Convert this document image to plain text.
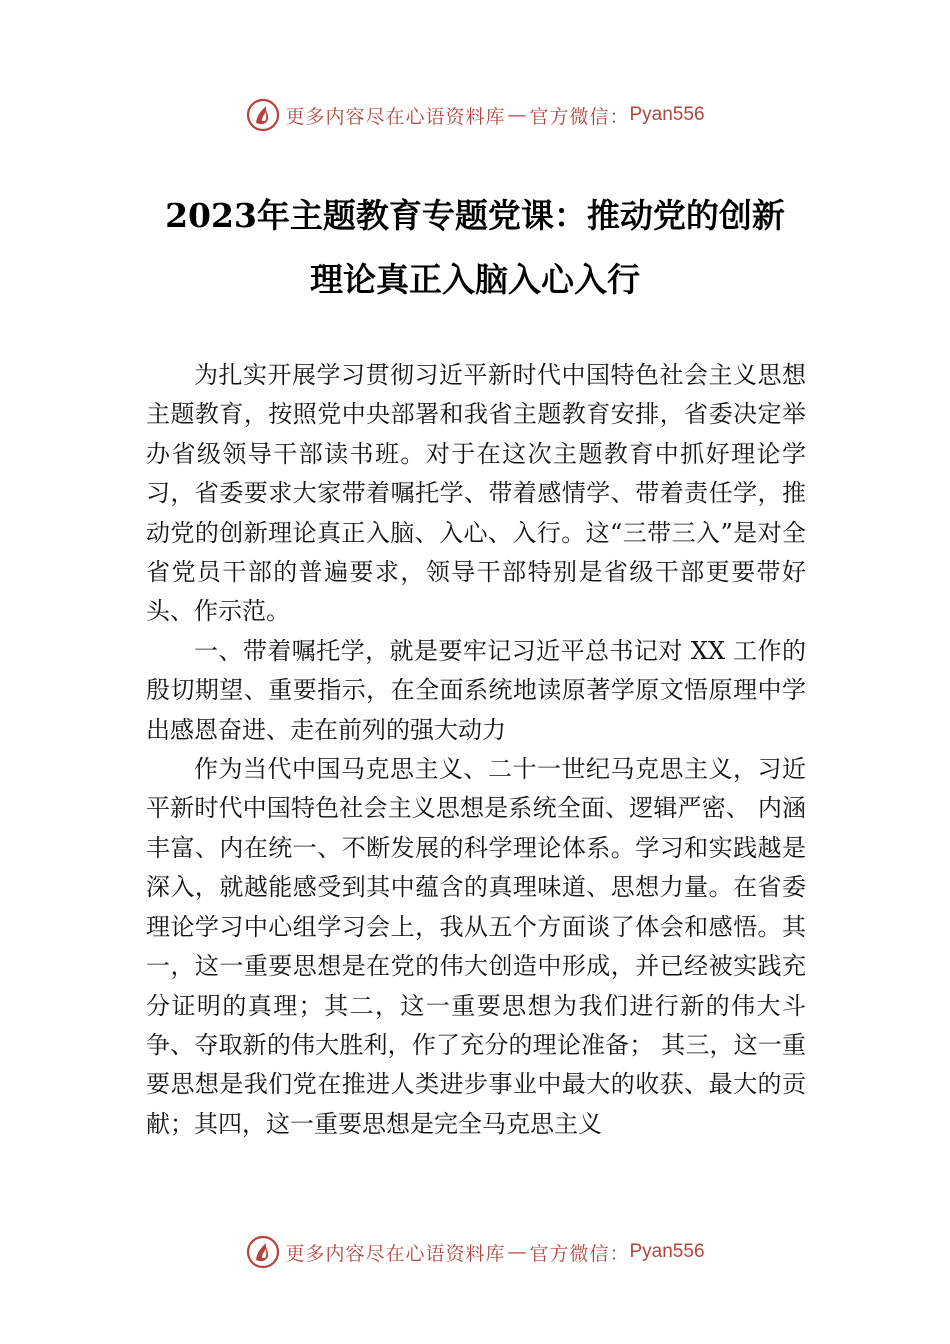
更多内容尽在心语资料库 — 官方微信： Pyan556
2023年主题教育专题党课：推动党的创新
理论真正入脑入心入行

为扎实开展学习贯彻习近平新时代中国特色社会主义思想主题教育，按照党中央部署和我省主题教育安排，省委决定举办省级领导干部读书班。对于在这次主题教育中抓好理论学习，省委要求大家带着嘱托学、带着感情学、带着责任学，推动党的创新理论真正入脑、入心、入行。这“三带三入”是对全省党员干部的普遍要求，领导干部特别是省级干部更要带好头、作示范。

一、带着嘱托学，就是要牢记习近平总书记对 XX 工作的殷切期望、重要指示，在全面系统地读原著学原文悟原理中学出感恩奋进、走在前列的强大动力

作为当代中国马克思主义、二十一世纪马克思主义，习近平新时代中国特色社会主义思想是系统全面、逻辑严密、 内涵丰富、内在统一、不断发展的科学理论体系。学习和实践越是深入，就越能感受到其中蕴含的真理味道、思想力量。在省委理论学习中心组学习会上，我从五个方面谈了体会和感悟。其一，这一重要思想是在党的伟大创造中形成，并已经被实践充分证明的真理；其二，这一重要思想为我们进行新的伟大斗争、夺取新的伟大胜利，作了充分的理论准备； 其三，这一重要思想是我们党在推进人类进步事业中最大的收获、最大的贡献；其四，这一重要思想是完全马克思主义

更多内容尽在心语资料库 — 官方微信： Pyan556
